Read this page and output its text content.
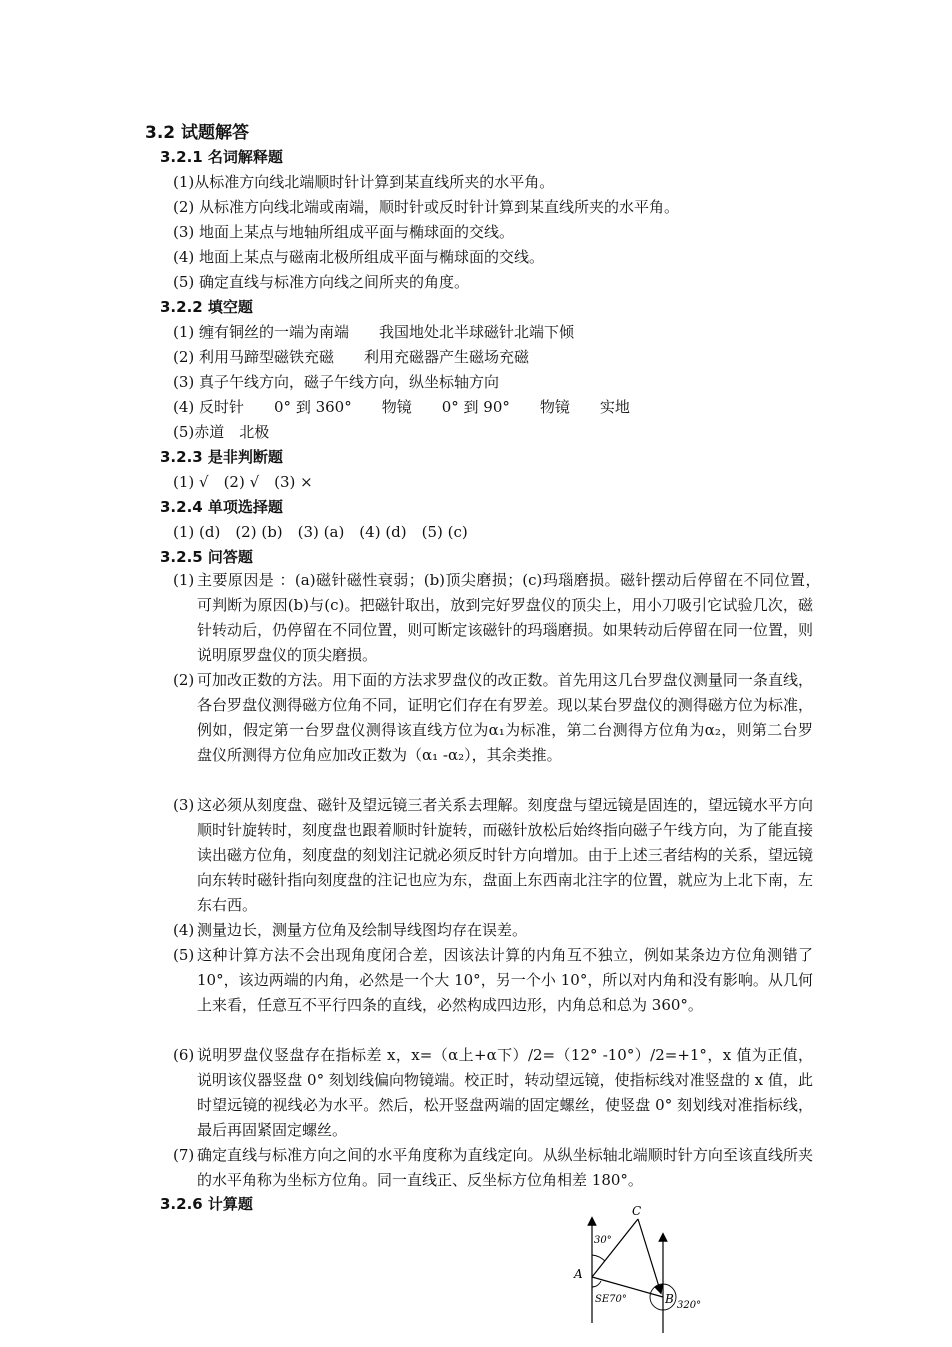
3.2 试题解答
3.2.1 名词解释题
(1)从标准方向线北端顺时针计算到某直线所夹的水平角。
(2) 从标准方向线北端或南端，顺时针或反时针计算到某直线所夹的水平角。
(3) 地面上某点与地轴所组成平面与椭球面的交线。
(4) 地面上某点与磁南北极所组成平面与椭球面的交线。
(5) 确定直线与标准方向线之间所夹的角度。
3.2.2 填空题
(1) 缠有铜丝的一端为南端　　我国地处北半球磁针北端下倾
(2) 利用马蹄型磁铁充磁　　利用充磁器产生磁场充磁
(3) 真子午线方向，磁子午线方向，纵坐标轴方向
(4) 反时针　　0° 到 360°　　物镜　　0° 到 90°　　物镜　　实地
(5)赤道　北极
3.2.3 是非判断题
(1) √　(2) √　(3) ×
3.2.4 单项选择题
(1) (d)　(2) (b)　(3) (a)　(4) (d)　(5) (c)
3.2.5 问答题
(1) 主要原因是 ：(a)磁针磁性衰弱；(b)顶尖磨损；(c)玛瑙磨损。磁针摆动后停留在不同位置，　可判断为原因(b)与(c)。把磁针取出，放到完好罗盘仪的顶尖上，用小刀吸引它试验几次，磁针转动后，仍停留在不同位置，则可断定该磁针的玛瑙磨损。如果转动后停留在同一位置，则说明原罗盘仪的顶尖磨损。
(2) 可加改正数的方法。用下面的方法求罗盘仪的改正数。首先用这几台罗盘仪测量同一条直线，各台罗盘仪测得磁方位角不同，证明它们存在有罗差。现以某台罗盘仪的测得磁方位为标准，例如，假定第一台罗盘仪测得该直线方位为α₁为标准，第二台测得方位角为α₂，则第二台罗盘仪所测得方位角应加改正数为（α₁ -α₂），其余类推。
(3) 这必须从刻度盘、磁针及望远镜三者关系去理解。刻度盘与望远镜是固连的，望远镜水平方向顺时针旋转时，刻度盘也跟着顺时针旋转，而磁针放松后始终指向磁子午线方向，为了能直接读出磁方位角，刻度盘的刻划注记就必须反时针方向增加。由于上述三者结构的关系，望远镜向东转时磁针指向刻度盘的注记也应为东，盘面上东西南北注字的位置，就应为上北下南，左东右西。
(4) 测量边长，测量方位角及绘制导线图均存在误差。
(5) 这种计算方法不会出现角度闭合差，因该法计算的内角互不独立，例如某条边方位角测错了 10°，该边两端的内角，必然是一个大 10°，另一个小 10°，所以对内角和没有影响。从几何上来看，任意互不平行四条的直线，必然构成四边形，内角总和总为 360°。
(6) 说明罗盘仪竖盘存在指标差 x，x=（α上+α下）/2=（12° -10°）/2=+1°，x 值为正值，说明该仪器竖盘 0° 刻划线偏向物镜端。校正时，转动望远镜，使指标线对准竖盘的 x 值，此时望远镜的视线必为水平。然后，松开竖盘两端的固定螺丝，使竖盘 0° 刻划线对准指标线，最后再固紧固定螺丝。
(7) 确定直线与标准方向之间的水平角度称为直线定向。从纵坐标轴北端顺时针方向至该直线所夹的水平角称为坐标方位角。同一直线正、反坐标方位角相差 180°。
3.2.6 计算题	C
A
B
30°
SE70°
320°
